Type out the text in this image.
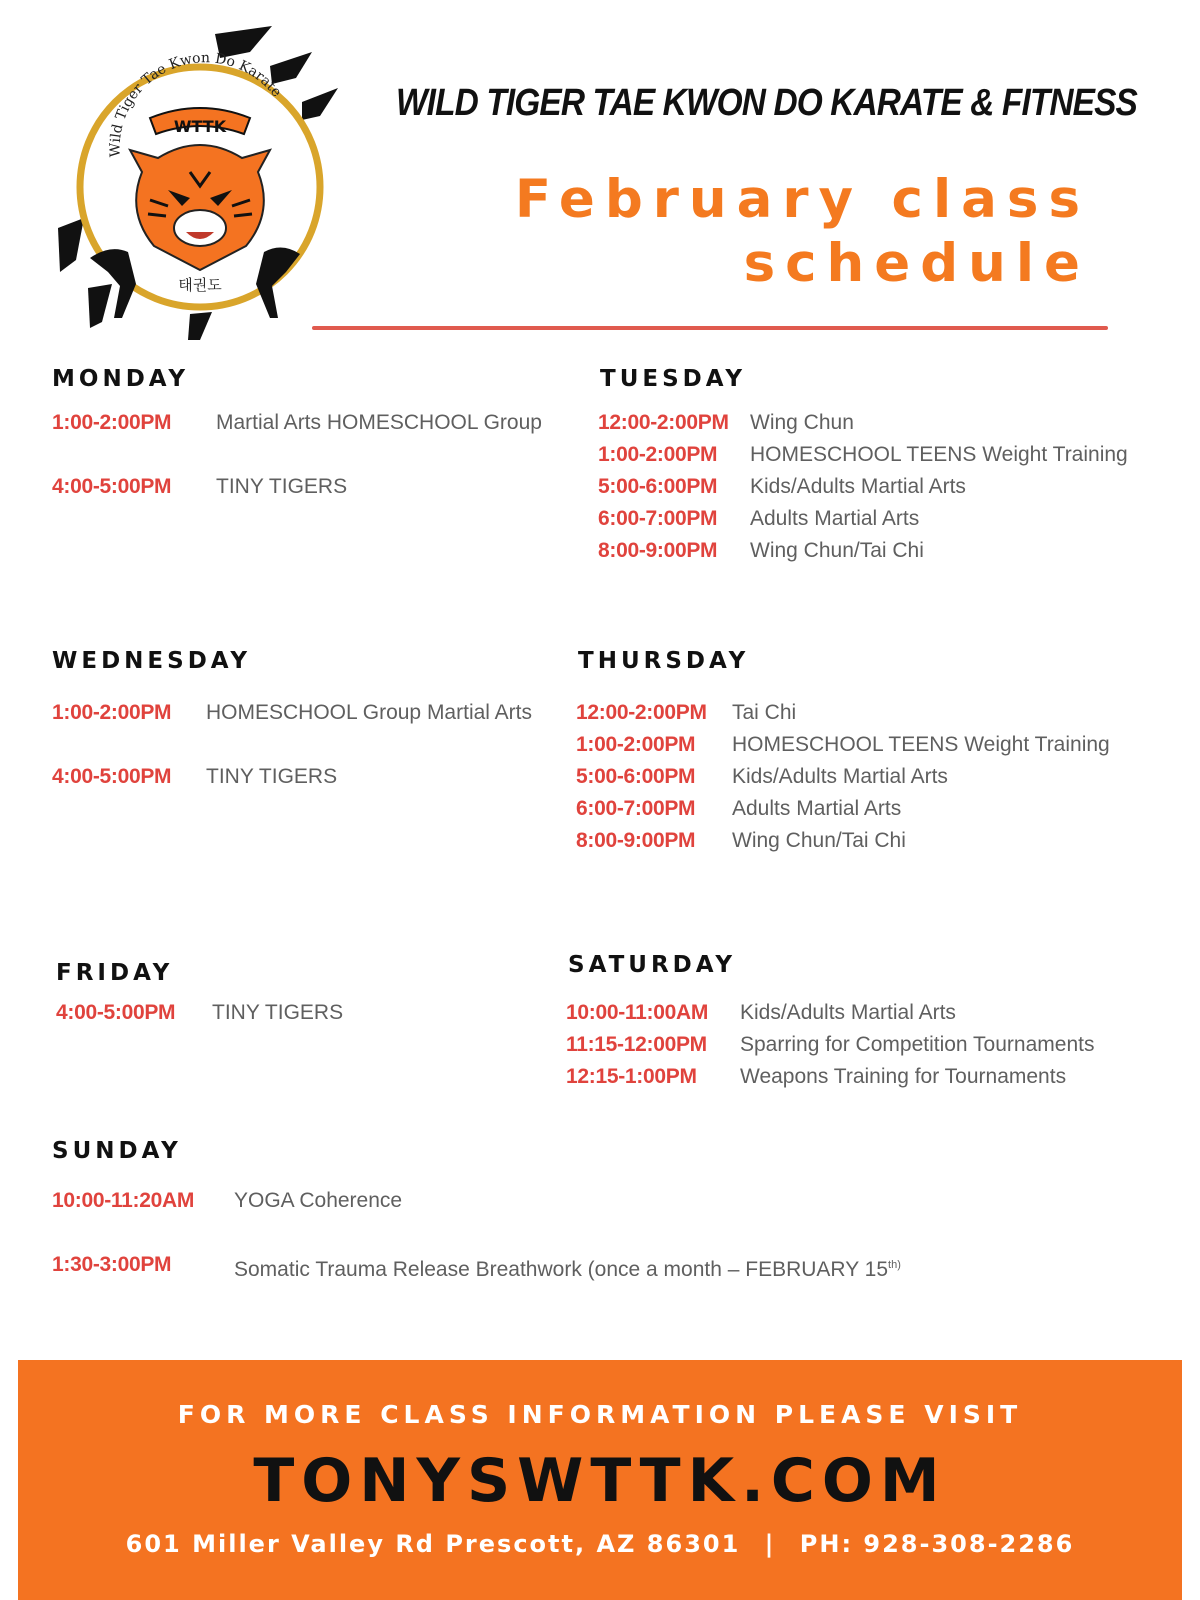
Wild Tiger Tae Kwon Do Karate
WTTK
태권도
WILD TIGER TAE KWON DO KARATE & FITNESS
February class
schedule
MONDAY
1:00-2:00PM Martial Arts HOMESCHOOL Group
4:00-5:00PM TINY TIGERS
TUESDAY
12:00-2:00PM Wing Chun
1:00-2:00PM HOMESCHOOL TEENS Weight Training
5:00-6:00PM Kids/Adults Martial Arts
6:00-7:00PM Adults Martial Arts
8:00-9:00PM Wing Chun/Tai Chi
WEDNESDAY
1:00-2:00PM HOMESCHOOL Group Martial Arts
4:00-5:00PM TINY TIGERS
THURSDAY
12:00-2:00PM Tai Chi
1:00-2:00PM HOMESCHOOL TEENS Weight Training
5:00-6:00PM Kids/Adults Martial Arts
6:00-7:00PM Adults Martial Arts
8:00-9:00PM Wing Chun/Tai Chi
FRIDAY
4:00-5:00PM TINY TIGERS
SATURDAY
10:00-11:00AM Kids/Adults Martial Arts
11:15-12:00PM Sparring for Competition Tournaments
12:15-1:00PM Weapons Training for Tournaments
SUNDAY
10:00-11:20AM YOGA Coherence
1:30-3:00PM	Somatic Trauma Release Breathwork (once a month – FEBRUARY $15^{th)}$
FOR MORE CLASS INFORMATION PLEASE VISIT
TONYSWTTK.COM
601 Miller Valley Rd Prescott, AZ 86301 | PH: 928-308-2286
